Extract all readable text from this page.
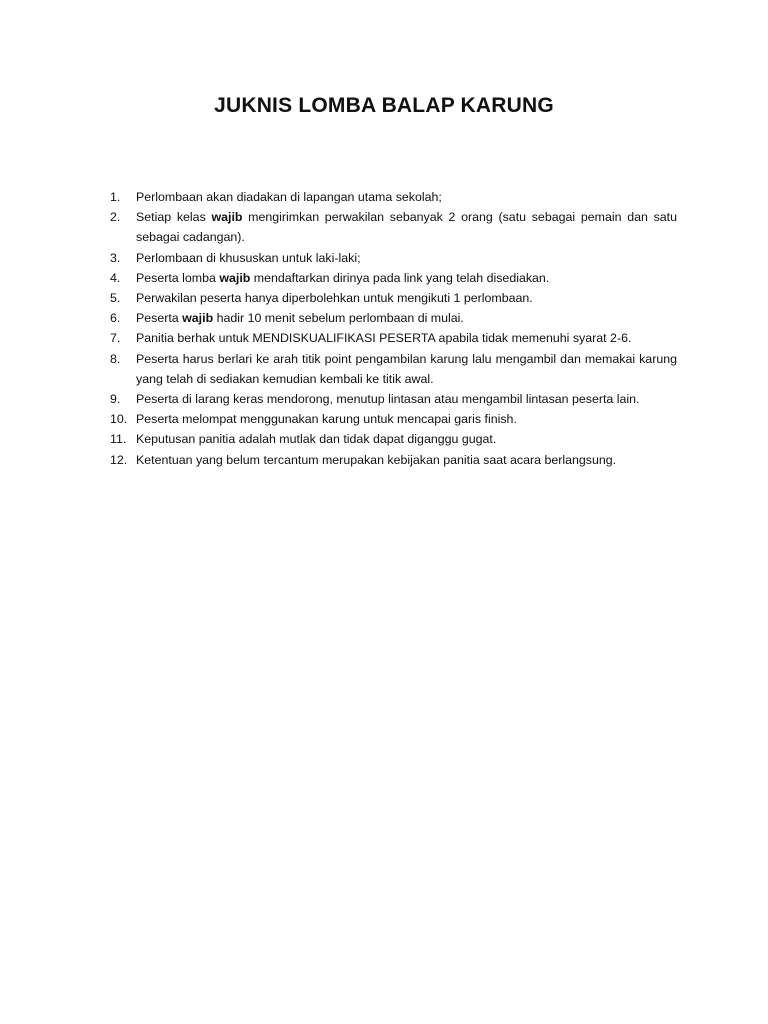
JUKNIS LOMBA BALAP KARUNG
1. Perlombaan akan diadakan di lapangan utama sekolah;
2. Setiap kelas wajib mengirimkan perwakilan sebanyak 2 orang (satu sebagai pemain dan satu sebagai cadangan).
3. Perlombaan di khususkan untuk laki-laki;
4. Peserta lomba wajib mendaftarkan dirinya pada link yang telah disediakan.
5. Perwakilan peserta hanya diperbolehkan untuk mengikuti 1 perlombaan.
6. Peserta wajib hadir 10 menit sebelum perlombaan di mulai.
7. Panitia berhak untuk MENDISKUALIFIKASI PESERTA apabila tidak memenuhi syarat 2-6.
8. Peserta harus berlari ke arah titik point pengambilan karung lalu mengambil dan memakai karung yang telah di sediakan kemudian kembali ke titik awal.
9. Peserta di larang keras mendorong, menutup lintasan atau mengambil lintasan peserta lain.
10. Peserta melompat menggunakan karung untuk mencapai garis finish.
11. Keputusan panitia adalah mutlak dan tidak dapat diganggu gugat.
12. Ketentuan yang belum tercantum merupakan kebijakan panitia saat acara berlangsung.
